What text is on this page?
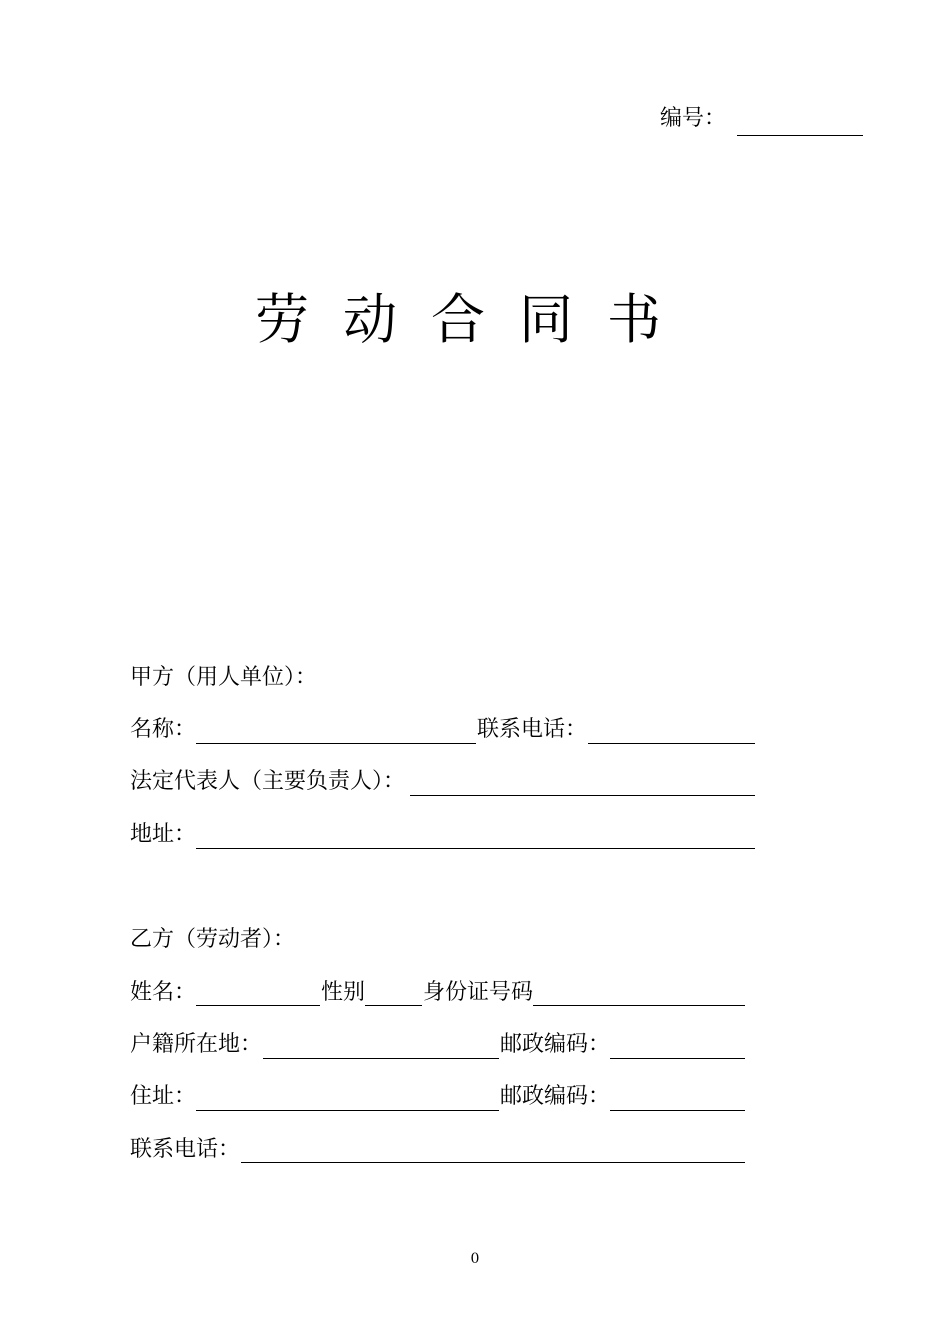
编号：
劳动合同书
甲方（用人单位）：
名称：	联系电话：
法定代表人（主要负责人）：
地址：
乙方（劳动者）：
姓名：	性别	身份证号码
户籍所在地：	邮政编码：
住址：	邮政编码：
联系电话：
0
